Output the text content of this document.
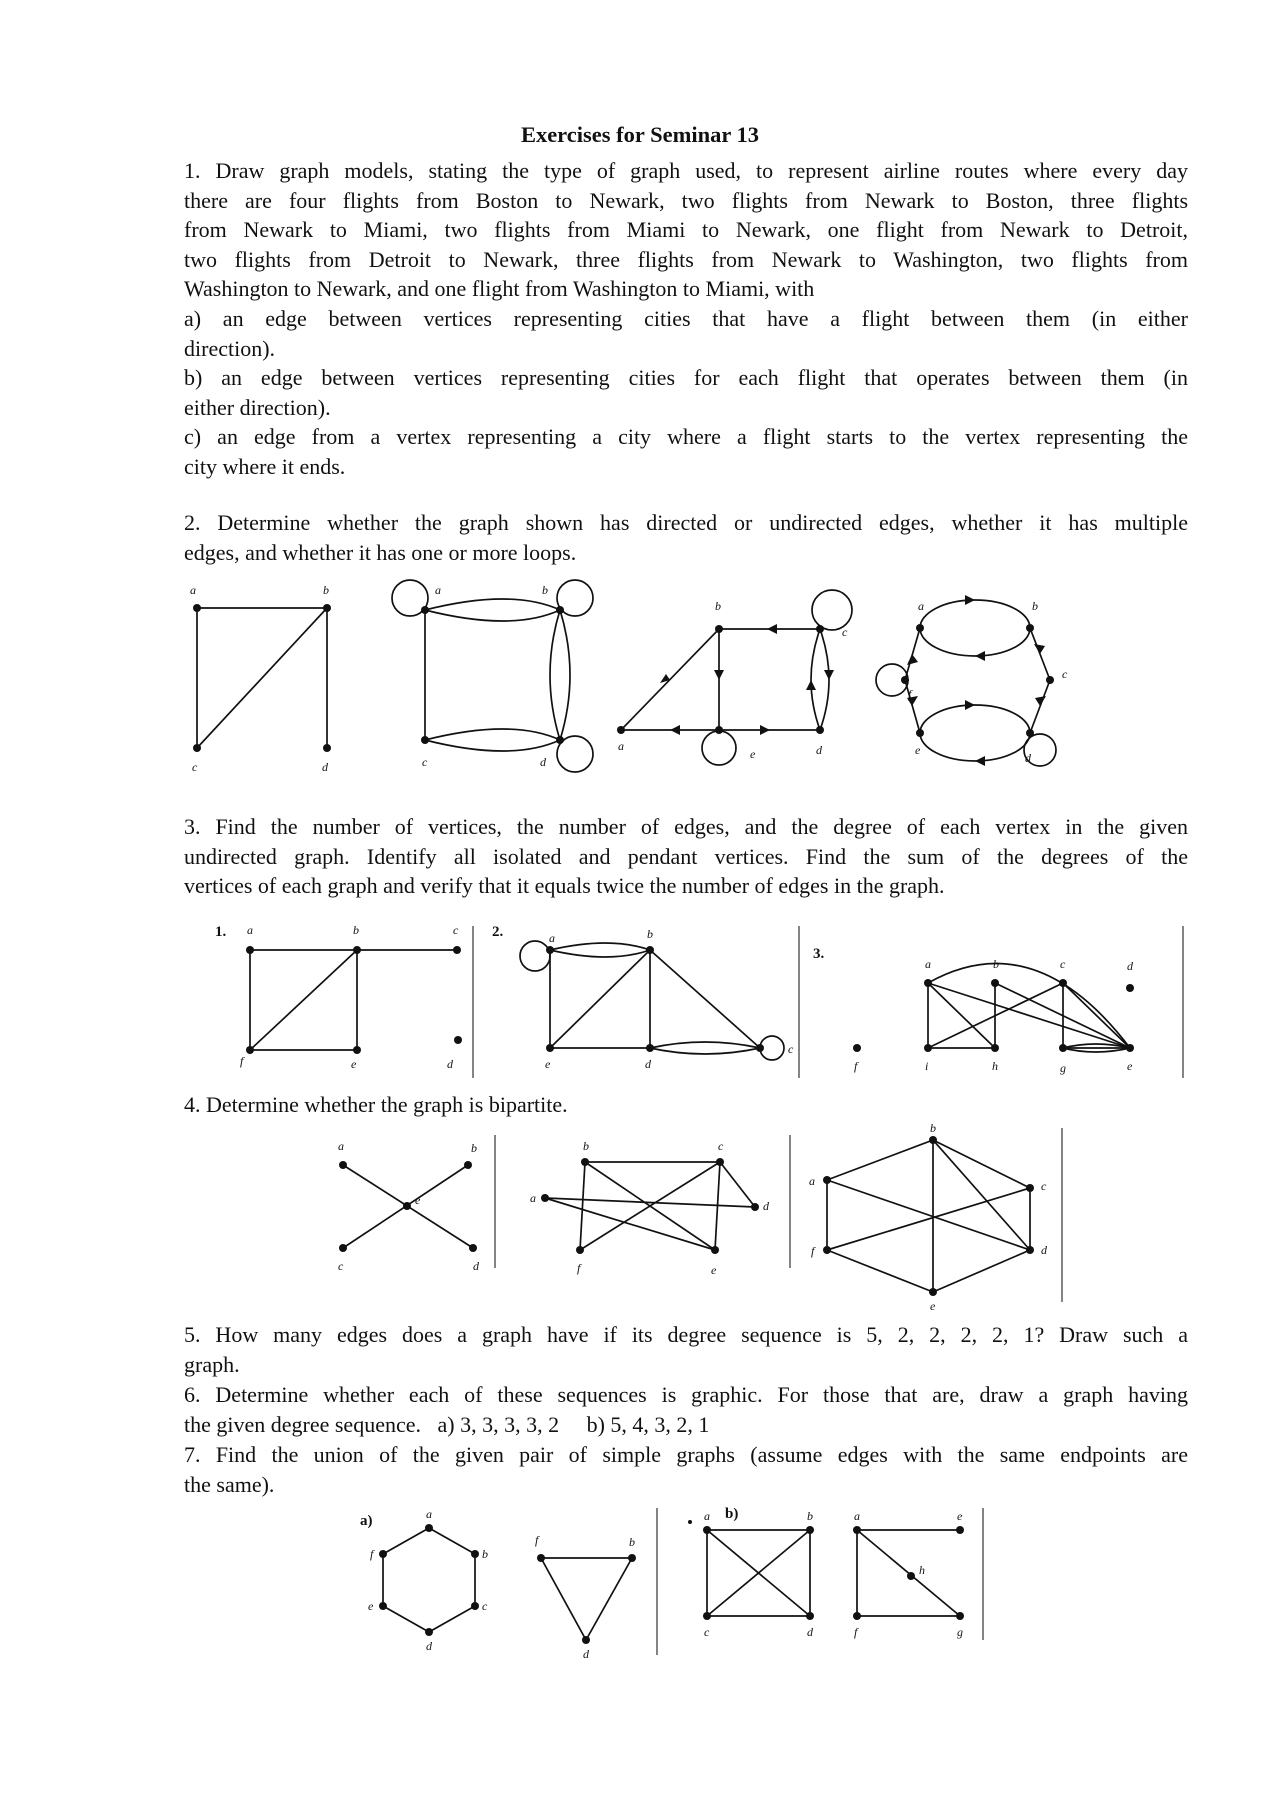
Exercises for Seminar 13
1. Draw graph models, stating the type of graph used, to represent airline routes where every day
there are four flights from Boston to Newark, two flights from Newark to Boston, three flights
from Newark to Miami, two flights from Miami to Newark, one flight from Newark to Detroit,
two flights from Detroit to Newark, three flights from Newark to Washington, two flights from
Washington to Newark, and one flight from Washington to Miami, with
a) an edge between vertices representing cities that have a flight between them (in either
direction).
b) an edge between vertices representing cities for each flight that operates between them (in
either direction).
c) an edge from a vertex representing a city where a flight starts to the vertex representing the
city where it ends.
2. Determine whether the graph shown has directed or undirected edges, whether it has multiple
edges, and whether it has one or more loops.
a	b
c	d
a	b
c	d
a
b
c
e	d
a	b
c
f
e
d
3. Find the number of vertices, the number of edges, and the degree of each vertex in the given
undirected graph. Identify all isolated and pendant vertices. Find the sum of the degrees of the
vertices of each graph and verify that it equals twice the number of edges in the graph.
1. a	b	c
f	e	d
2.	a	b
e	d
c
3.
a	b	c	d
f	i	h	g	e
4. Determine whether the graph is bipartite.
a	b
e
c	d
b	c
a
d
f	e
b
a	c
f	d
e
5. How many edges does a graph have if its degree sequence is 5, 2, 2, 2, 2, 1? Draw such a
graph.
6. Determine whether each of these sequences is graphic. For those that are, draw a graph having
the given degree sequence.   a) 3, 3, 3, 3, 2     b) 5, 4, 3, 2, 1
7. Find the union of the given pair of simple graphs (assume edges with the same endpoints are
the same).
a)	a
b
c
d
e
f
f	b
d
b)
a	b
c	d
a	e
h
f	g
